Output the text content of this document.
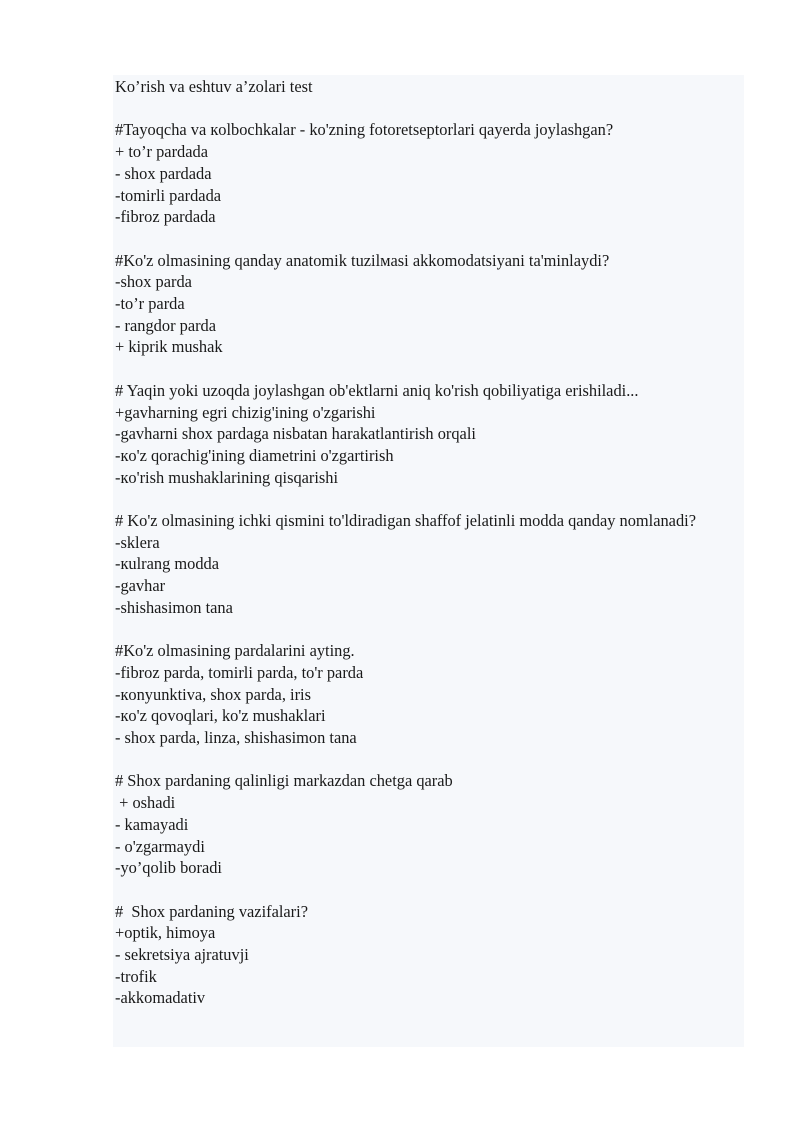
Ko’rish va eshtuv a’zolari test

#Tayoqcha va кolbochkalar - ko'zning fotoretseptorlari qayerda joylashgan?

+ to’r pardada

- shox pardada

-tomirli pardada

-fibroz pardada

#Ko'z olmasining qanday anatomik tuzilмasi akkomodatsiyani ta'minlaydi?

-shox parda

-to’r parda

- rangdor parda

+ kiprik mushak

# Yaqin yoki uzoqda joylashgan ob'ektlarni aniq ko'rish qobiliyatiga erishiladi...

+gavharning egri chizig'ining o'zgarishi

-gavharni shox pardaga nisbatan harakatlantirish orqali

-кo'z qorachig'ining diametrini o'zgartirish

-кo'rish mushaklarining qisqarishi

# Ko'z olmasining ichki qismini to'ldiradigan shaffof jelatinli modda qanday nomlanadi?

-sklera

-кulrang modda

-gavhar

-shishasimon tana

#Ko'z olmasining pardalarini ayting.

-fibroz parda, tomirli parda, to'r parda

-кonyunktiva, shox parda, iris

-кo'z qovoqlari, ko'z mushaklari

- shox parda, linza, shishasimon tana

# Shox pardaning qalinligi markazdan chetga qarab

+ oshadi

- kamayadi

- o'zgarmaydi

-yo’qolib boradi

#  Shox pardaning vazifalari?

+optik, himoya

- sekretsiya ajratuvji

-trofik

-akkomadativ
